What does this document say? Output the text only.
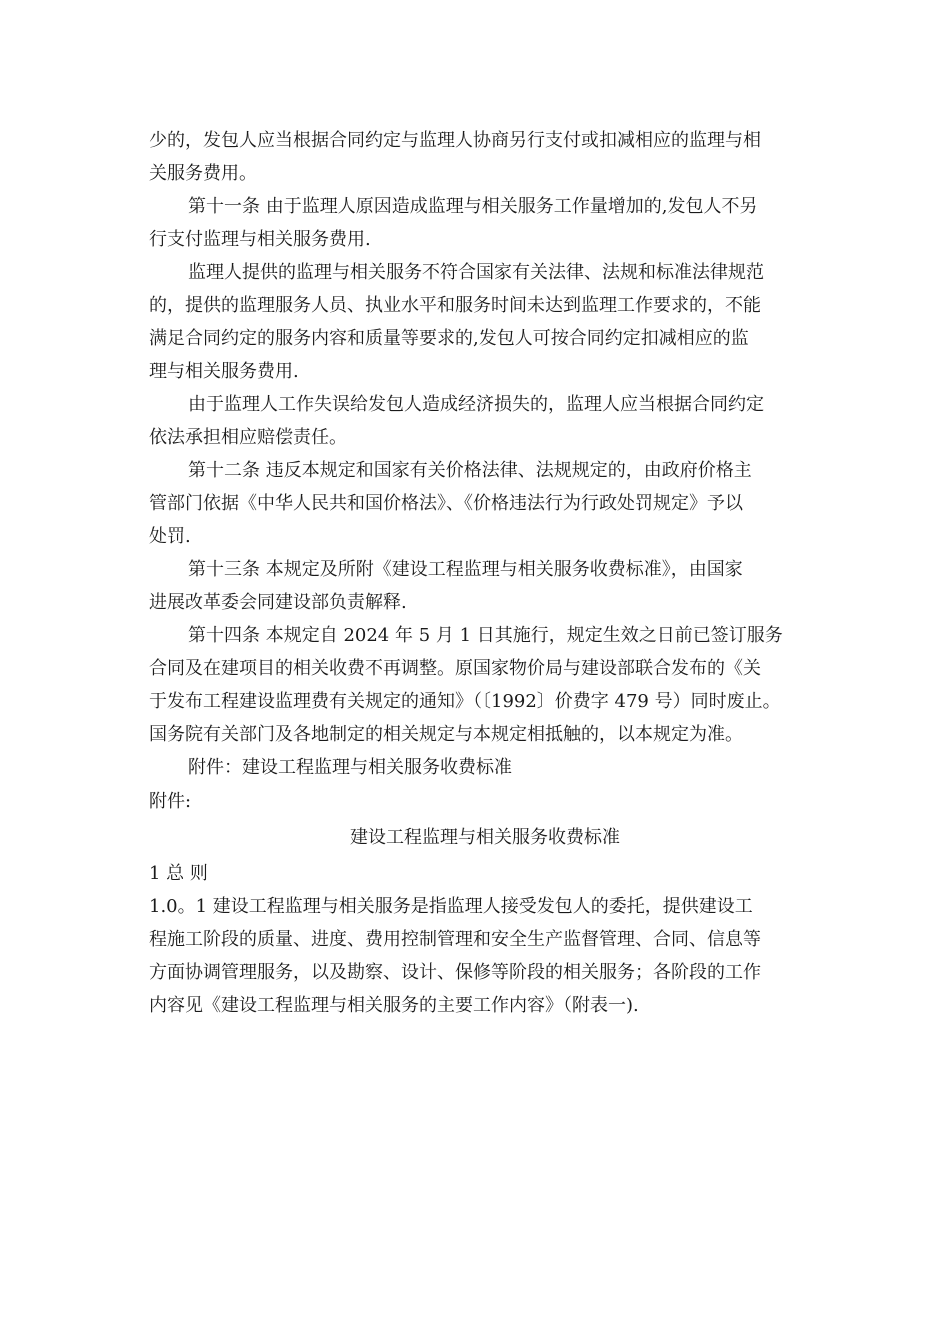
少的，发包人应当根据合同约定与监理人协商另行支付或扣减相应的监理与相
关服务费用。
第十一条 由于监理人原因造成监理与相关服务工作量增加的,发包人不另
行支付监理与相关服务费用.
监理人提供的监理与相关服务不符合国家有关法律、法规和标准法律规范
的，提供的监理服务人员、执业水平和服务时间未达到监理工作要求的，不能
满足合同约定的服务内容和质量等要求的,发包人可按合同约定扣减相应的监
理与相关服务费用.
由于监理人工作失误给发包人造成经济损失的，监理人应当根据合同约定
依法承担相应赔偿责任。
第十二条 违反本规定和国家有关价格法律、法规规定的，由政府价格主
管部门依据《中华人民共和国价格法》、《价格违法行为行政处罚规定》予以
处罚.
第十三条 本规定及所附《建设工程监理与相关服务收费标准》，由国家
进展改革委会同建设部负责解释.
第十四条 本规定自 2024 年 5 月 1 日其施行，规定生效之日前已签订服务
合同及在建项目的相关收费不再调整。原国家物价局与建设部联合发布的《关
于发布工程建设监理费有关规定的通知》（〔1992〕价费字 479 号）同时废止。
国务院有关部门及各地制定的相关规定与本规定相抵触的，以本规定为准。
附件：建设工程监理与相关服务收费标准
附件:
建设工程监理与相关服务收费标准
1 总 则
1.0。1 建设工程监理与相关服务是指监理人接受发包人的委托，提供建设工
程施工阶段的质量、进度、费用控制管理和安全生产监督管理、合同、信息等
方面协调管理服务，以及勘察、设计、保修等阶段的相关服务；各阶段的工作
内容见《建设工程监理与相关服务的主要工作内容》（附表一).
